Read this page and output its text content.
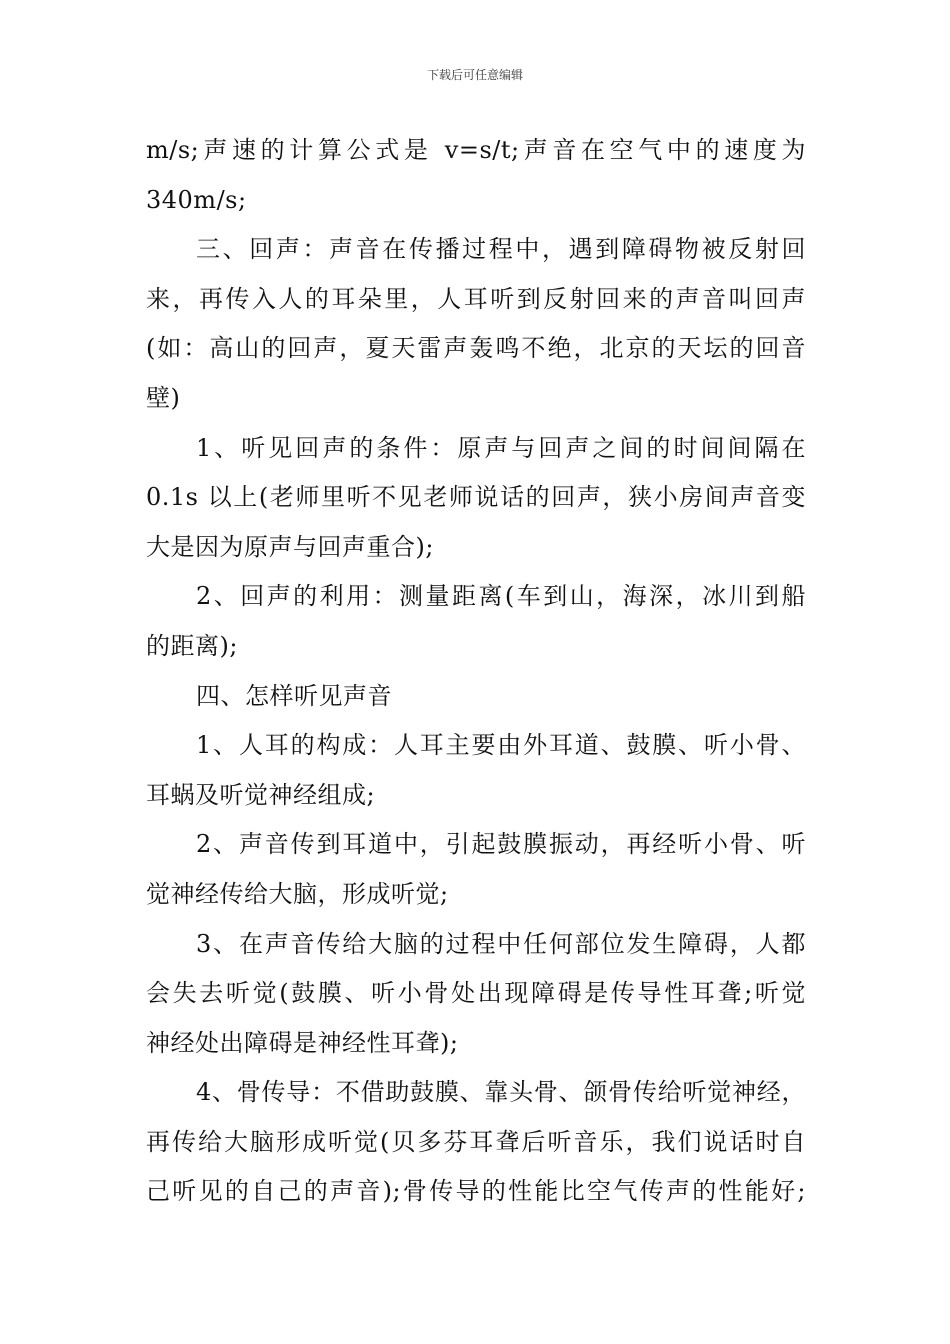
下载后可任意编辑
m/s;声速的计算公式是 v=s/t;声音在空气中的速度为
340m/s;
三、回声：声音在传播过程中，遇到障碍物被反射回
来，再传入人的耳朵里，人耳听到反射回来的声音叫回声
(如：高山的回声，夏天雷声轰鸣不绝，北京的天坛的回音
壁)
1、听见回声的条件：原声与回声之间的时间间隔在
0.1s 以上(老师里听不见老师说话的回声，狭小房间声音变
大是因为原声与回声重合);
2、回声的利用：测量距离(车到山，海深，冰川到船
的距离);
四、怎样听见声音
1、人耳的构成：人耳主要由外耳道、鼓膜、听小骨、
耳蜗及听觉神经组成;
2、声音传到耳道中，引起鼓膜振动，再经听小骨、听
觉神经传给大脑，形成听觉;
3、在声音传给大脑的过程中任何部位发生障碍，人都
会失去听觉(鼓膜、听小骨处出现障碍是传导性耳聋;听觉
神经处出障碍是神经性耳聋);
4、骨传导：不借助鼓膜、靠头骨、颌骨传给听觉神经，
再传给大脑形成听觉(贝多芬耳聋后听音乐，我们说话时自
己听见的自己的声音);骨传导的性能比空气传声的性能好;
